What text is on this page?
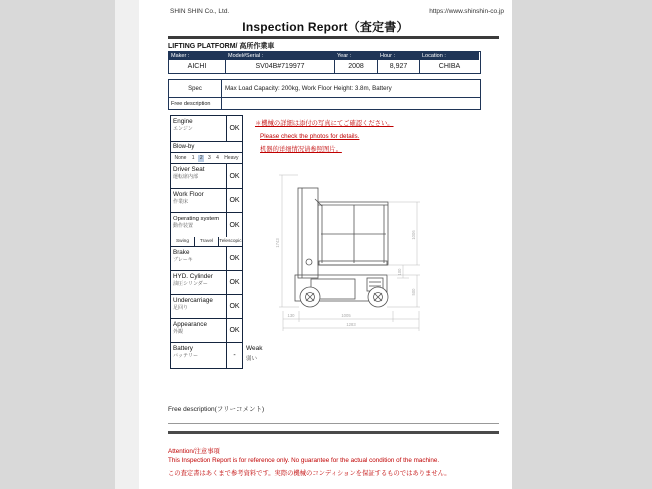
SHIN SHIN Co., Ltd.	https://www.shinshin-co.jp
Inspection Report（査定書）
LIFTING PLATFORM/ 高所作業車
Maker :
AICHI
Model#Serial :
SV04B#719977
Year :
2008
Hour :
8,927
Location :
CHIBA
Spec	Max Load Capacity: 200kg, Work Floor Height: 3.8m, Battery
Free description
Engine
エンジン	OK
Blow-by
None	1	2	3	4	Heavy
Driver Seat
運転席内部	OK
Work Floor
作業床	OK
Operating system
動作装置	OK
Swing	Travel	Telescopic
Brake
ブレーキ	OK
HYD. Cylinder
油圧シリンダー	OK
Undercarriage
足回り	OK
Appearance
外観	OK
Battery
バッテリー	-
Weak
弱い
＊機械の詳細は添付の写真にてご確認ください。
Please check the photos for details.
机器的详细情况请参照图片。
1743
1006
100
500
130	1005
1283
Free description(フリーコメント)
Attention/注意事項
This Inspection Report is for reference only. No guarantee for the actual condition of the machine.
この査定書はあくまで参考資料です。実際の機械のコンディションを保証するものではありません。
